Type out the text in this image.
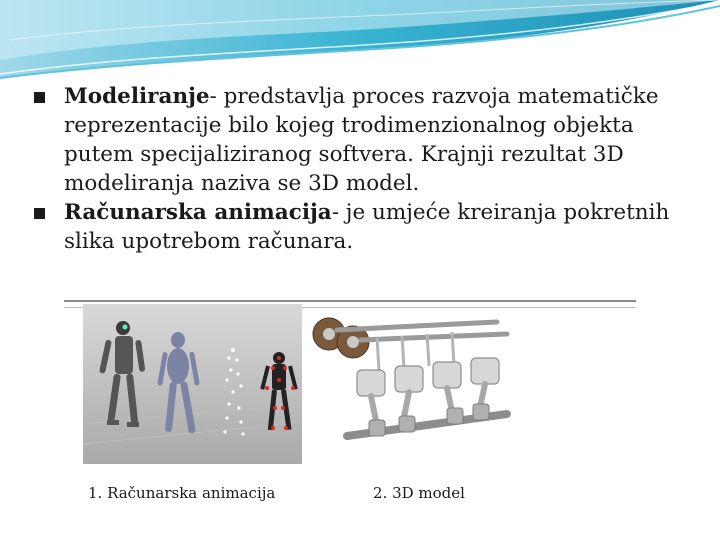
Modeliranje- predstavlja proces razvoja matematičke reprezentacije bilo kojeg trodimenzionalnog objekta putem specijaliziranog softvera. Krajnji rezultat 3D modeliranja naziva se 3D model.

Računarska animacija- je umjeće kreiranja pokretnih slika upotrebom računara.

1. Računarska animacija	2. 3D model
